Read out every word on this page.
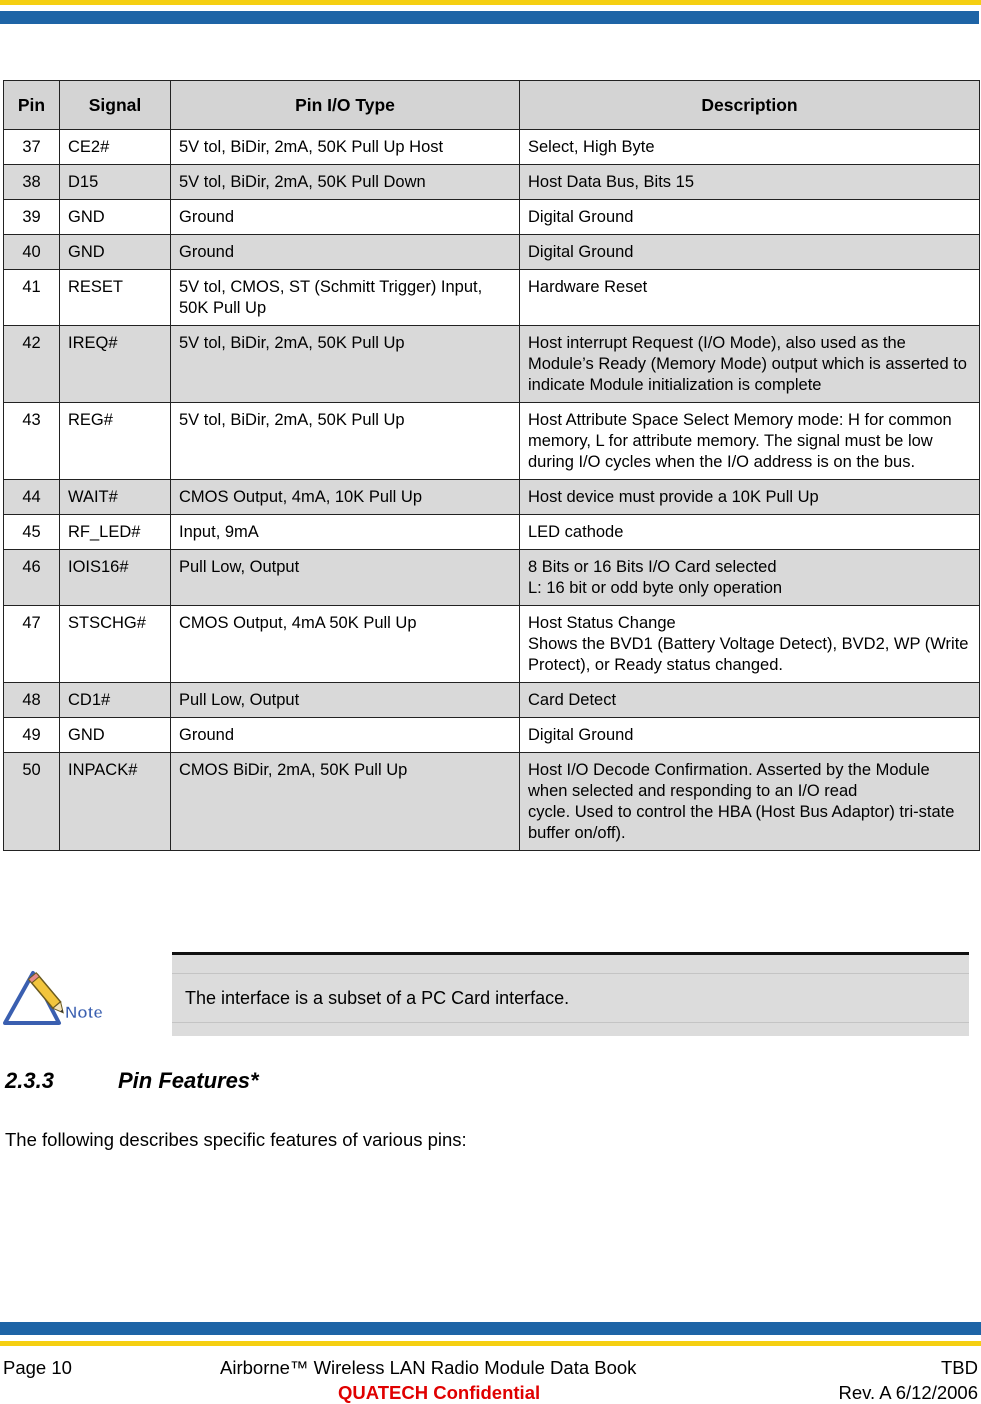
Pin	Signal	Pin I/O Type	Description
37	CE2#	5V tol, BiDir, 2mA, 50K Pull Up Host	Select, High Byte
38	D15	5V tol, BiDir, 2mA, 50K Pull Down	Host Data Bus, Bits 15
39	GND	Ground	Digital Ground
40	GND	Ground	Digital Ground
41	RESET	5V tol, CMOS, ST (Schmitt Trigger) Input, 50K Pull Up	Hardware Reset
42	IREQ#	5V tol, BiDir, 2mA, 50K Pull Up	Host interrupt Request (I/O Mode), also used as the Module’s Ready (Memory Mode) output which is asserted to indicate Module initialization is complete
43	REG#	5V tol, BiDir, 2mA, 50K Pull Up	Host Attribute Space Select Memory mode: H for common memory, L for attribute memory. The signal must be low during I/O cycles when the I/O address is on the bus.
44	WAIT#	CMOS Output, 4mA, 10K Pull Up	Host device must provide a 10K Pull Up
45	RF_LED#	Input, 9mA	LED cathode
46	IOIS16#	Pull Low, Output	8 Bits or 16 Bits I/O Card selected
L: 16 bit or odd byte only operation
47	STSCHG#	CMOS Output, 4mA 50K Pull Up	Host Status Change
Shows the BVD1 (Battery Voltage Detect), BVD2, WP (Write Protect), or Ready status changed.
48	CD1#	Pull Low, Output	Card Detect
49	GND	Ground	Digital Ground
50	INPACK#	CMOS BiDir, 2mA, 50K Pull Up	Host I/O Decode Confirmation. Asserted by the Module when selected and responding to an I/O read
cycle. Used to control the HBA (Host Bus Adaptor) tri-state buffer on/off).
Note
The interface is a subset of a PC Card interface.
2.3.3	Pin Features*
The following describes specific features of various pins:
Page 10	Airborne™ Wireless LAN Radio Module Data Book	TBD
QUATECH Confidential	Rev. A 6/12/2006
